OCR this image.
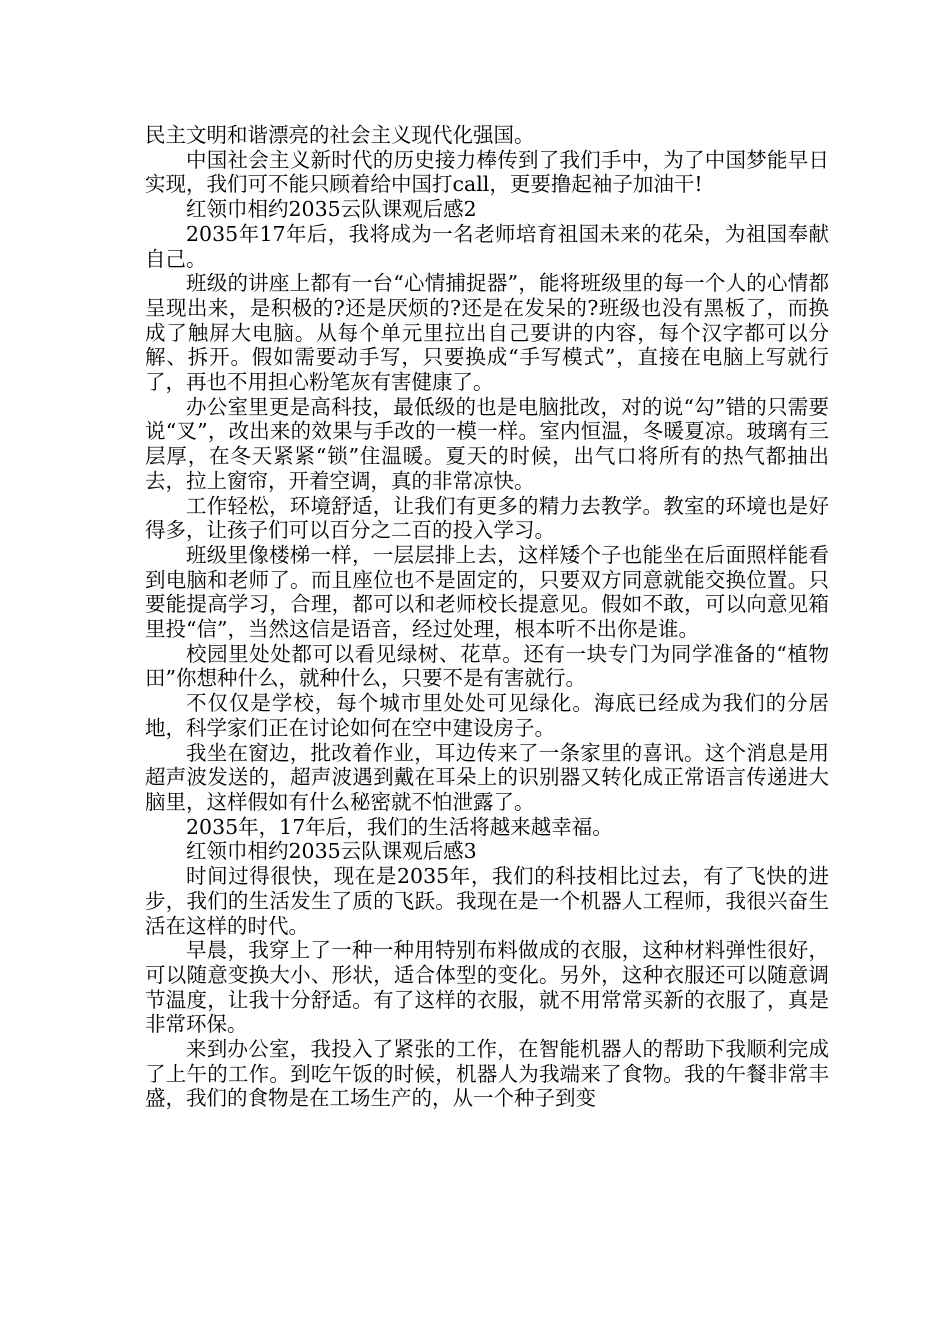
民主文明和谐漂亮的社会主义现代化强国。

中国社会主义新时代的历史接力棒传到了我们手中，为了中国梦能早日实现，我们可不能只顾着给中国打call，更要撸起袖子加油干!

红领巾相约2035云队课观后感2

2035年17年后，我将成为一名老师培育祖国未来的花朵，为祖国奉献自己。

班级的讲座上都有一台“心情捕捉器”，能将班级里的每一个人的心情都呈现出来，是积极的?还是厌烦的?还是在发呆的?班级也没有黑板了，而换成了触屏大电脑。从每个单元里拉出自己要讲的内容，每个汉字都可以分解、拆开。假如需要动手写，只要换成“手写模式”，直接在电脑上写就行了，再也不用担心粉笔灰有害健康了。

办公室里更是高科技，最低级的也是电脑批改，对的说“勾”错的只需要说“叉”，改出来的效果与手改的一模一样。室内恒温，冬暖夏凉。玻璃有三层厚，在冬天紧紧“锁”住温暖。夏天的时候，出气口将所有的热气都抽出去，拉上窗帘，开着空调，真的非常凉快。

工作轻松，环境舒适，让我们有更多的精力去教学。教室的环境也是好得多，让孩子们可以百分之二百的投入学习。

班级里像楼梯一样，一层层排上去，这样矮个子也能坐在后面照样能看到电脑和老师了。而且座位也不是固定的，只要双方同意就能交换位置。只要能提高学习，合理，都可以和老师校长提意见。假如不敢，可以向意见箱里投“信”，当然这信是语音，经过处理，根本听不出你是谁。

校园里处处都可以看见绿树、花草。还有一块专门为同学准备的“植物田”你想种什么，就种什么，只要不是有害就行。

不仅仅是学校，每个城市里处处可见绿化。海底已经成为我们的分居地，科学家们正在讨论如何在空中建设房子。

我坐在窗边，批改着作业，耳边传来了一条家里的喜讯。这个消息是用超声波发送的，超声波遇到戴在耳朵上的识别器又转化成正常语言传递进大脑里，这样假如有什么秘密就不怕泄露了。

2035年，17年后，我们的生活将越来越幸福。

红领巾相约2035云队课观后感3

时间过得很快，现在是2035年，我们的科技相比过去，有了飞快的进步，我们的生活发生了质的飞跃。我现在是一个机器人工程师，我很兴奋生活在这样的时代。

早晨，我穿上了一种一种用特别布料做成的衣服，这种材料弹性很好，可以随意变换大小、形状，适合体型的变化。另外，这种衣服还可以随意调节温度，让我十分舒适。有了这样的衣服，就不用常常买新的衣服了，真是非常环保。

来到办公室，我投入了紧张的工作，在智能机器人的帮助下我顺利完成了上午的工作。到吃午饭的时候，机器人为我端来了食物。我的午餐非常丰盛，我们的食物是在工场生产的，从一个种子到变
